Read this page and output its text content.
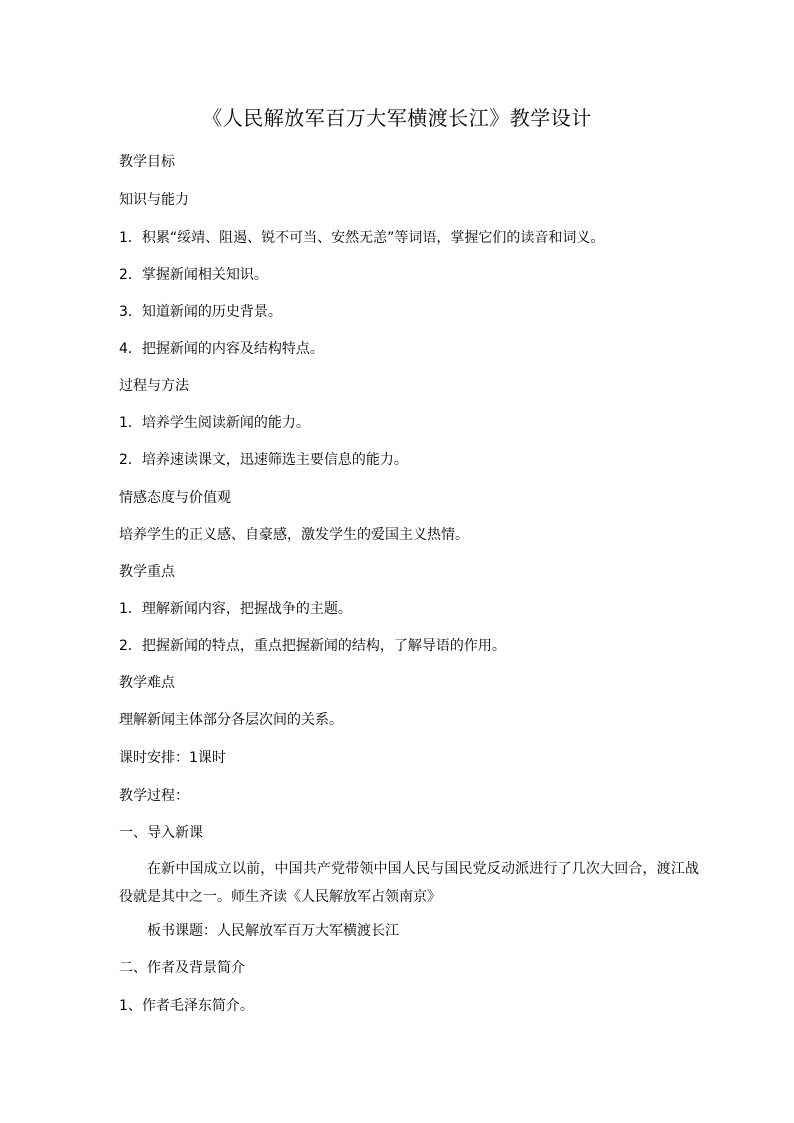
《人民解放军百万大军横渡长江》教学设计
教学目标
知识与能力
1．积累“绥靖、阻遏、锐不可当、安然无恙”等词语，掌握它们的读音和词义。
2．掌握新闻相关知识。
3．知道新闻的历史背景。
4．把握新闻的内容及结构特点。
过程与方法
1．培养学生阅读新闻的能力。
2．培养速读课文，迅速筛选主要信息的能力。
情感态度与价值观
培养学生的正义感、自豪感，激发学生的爱国主义热情。
教学重点
1．理解新闻内容，把握战争的主题。
2．把握新闻的特点，重点把握新闻的结构，了解导语的作用。
教学难点
理解新闻主体部分各层次间的关系。
课时安排：1课时
教学过程：
一、导入新课
在新中国成立以前，中国共产党带领中国人民与国民党反动派进行了几次大回合，渡江战役就是其中之一。师生齐读《人民解放军占领南京》
板书课题：人民解放军百万大军横渡长江
二、作者及背景简介
1、作者毛泽东简介。
